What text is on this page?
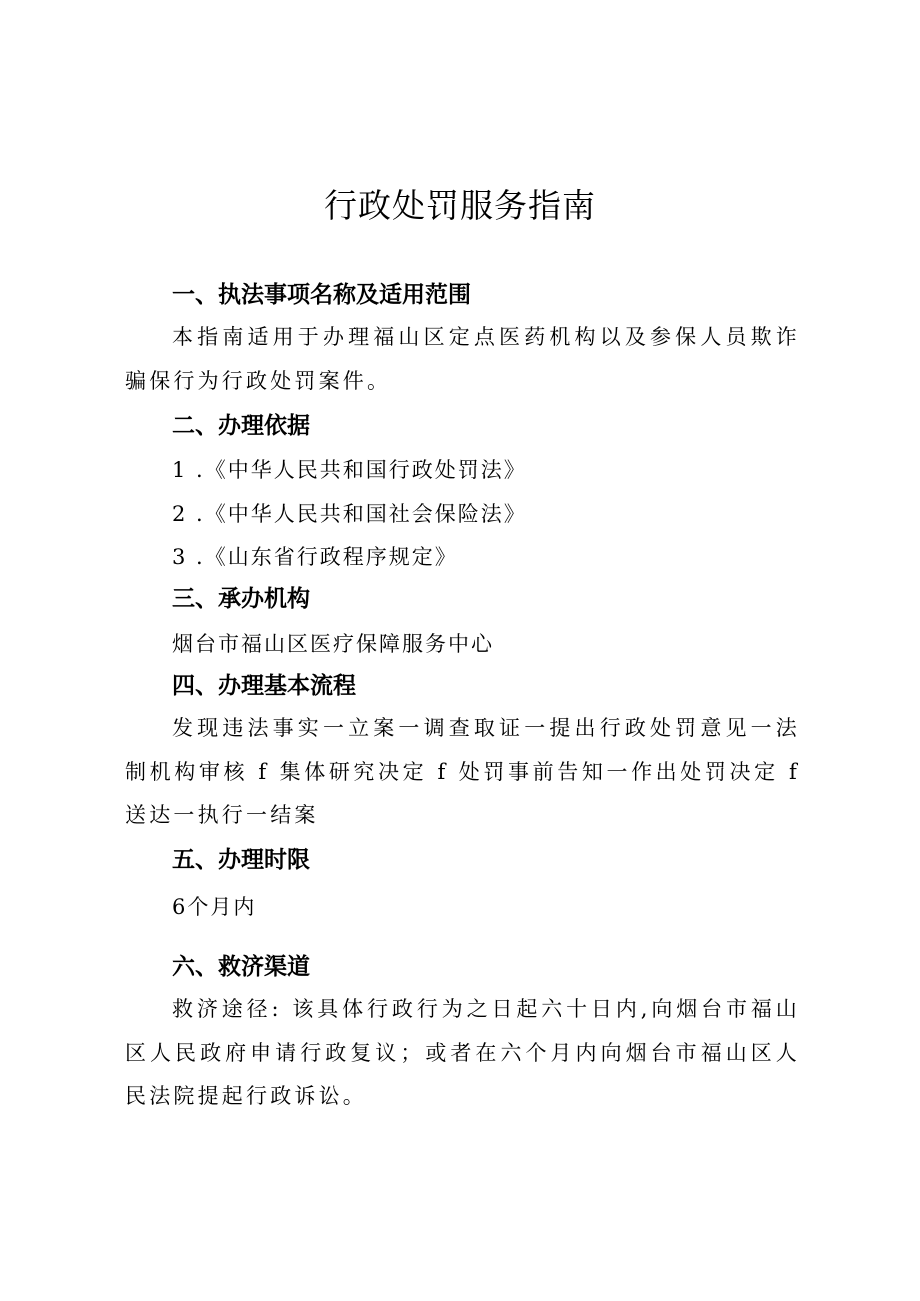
行政处罚服务指南
一、执法事项名称及适用范围
本指南适用于办理福山区定点医药机构以及参保人员欺诈骗保行为行政处罚案件。
二、办理依据
1 .《中华人民共和国行政处罚法》
2 .《中华人民共和国社会保险法》
3 .《山东省行政程序规定》
三、承办机构
烟台市福山区医疗保障服务中心
四、办理基本流程
发现违法事实一立案一调查取证一提出行政处罚意见一法制机构审核 f 集体研究决定 f 处罚事前告知一作出处罚决定 f 送达一执行一结案
五、办理时限
6个月内
六、救济渠道
救济途径: 该具体行政行为之日起六十日内,向烟台市福山区人民政府申请行政复议；或者在六个月内向烟台市福山区人民法院提起行政诉讼。
